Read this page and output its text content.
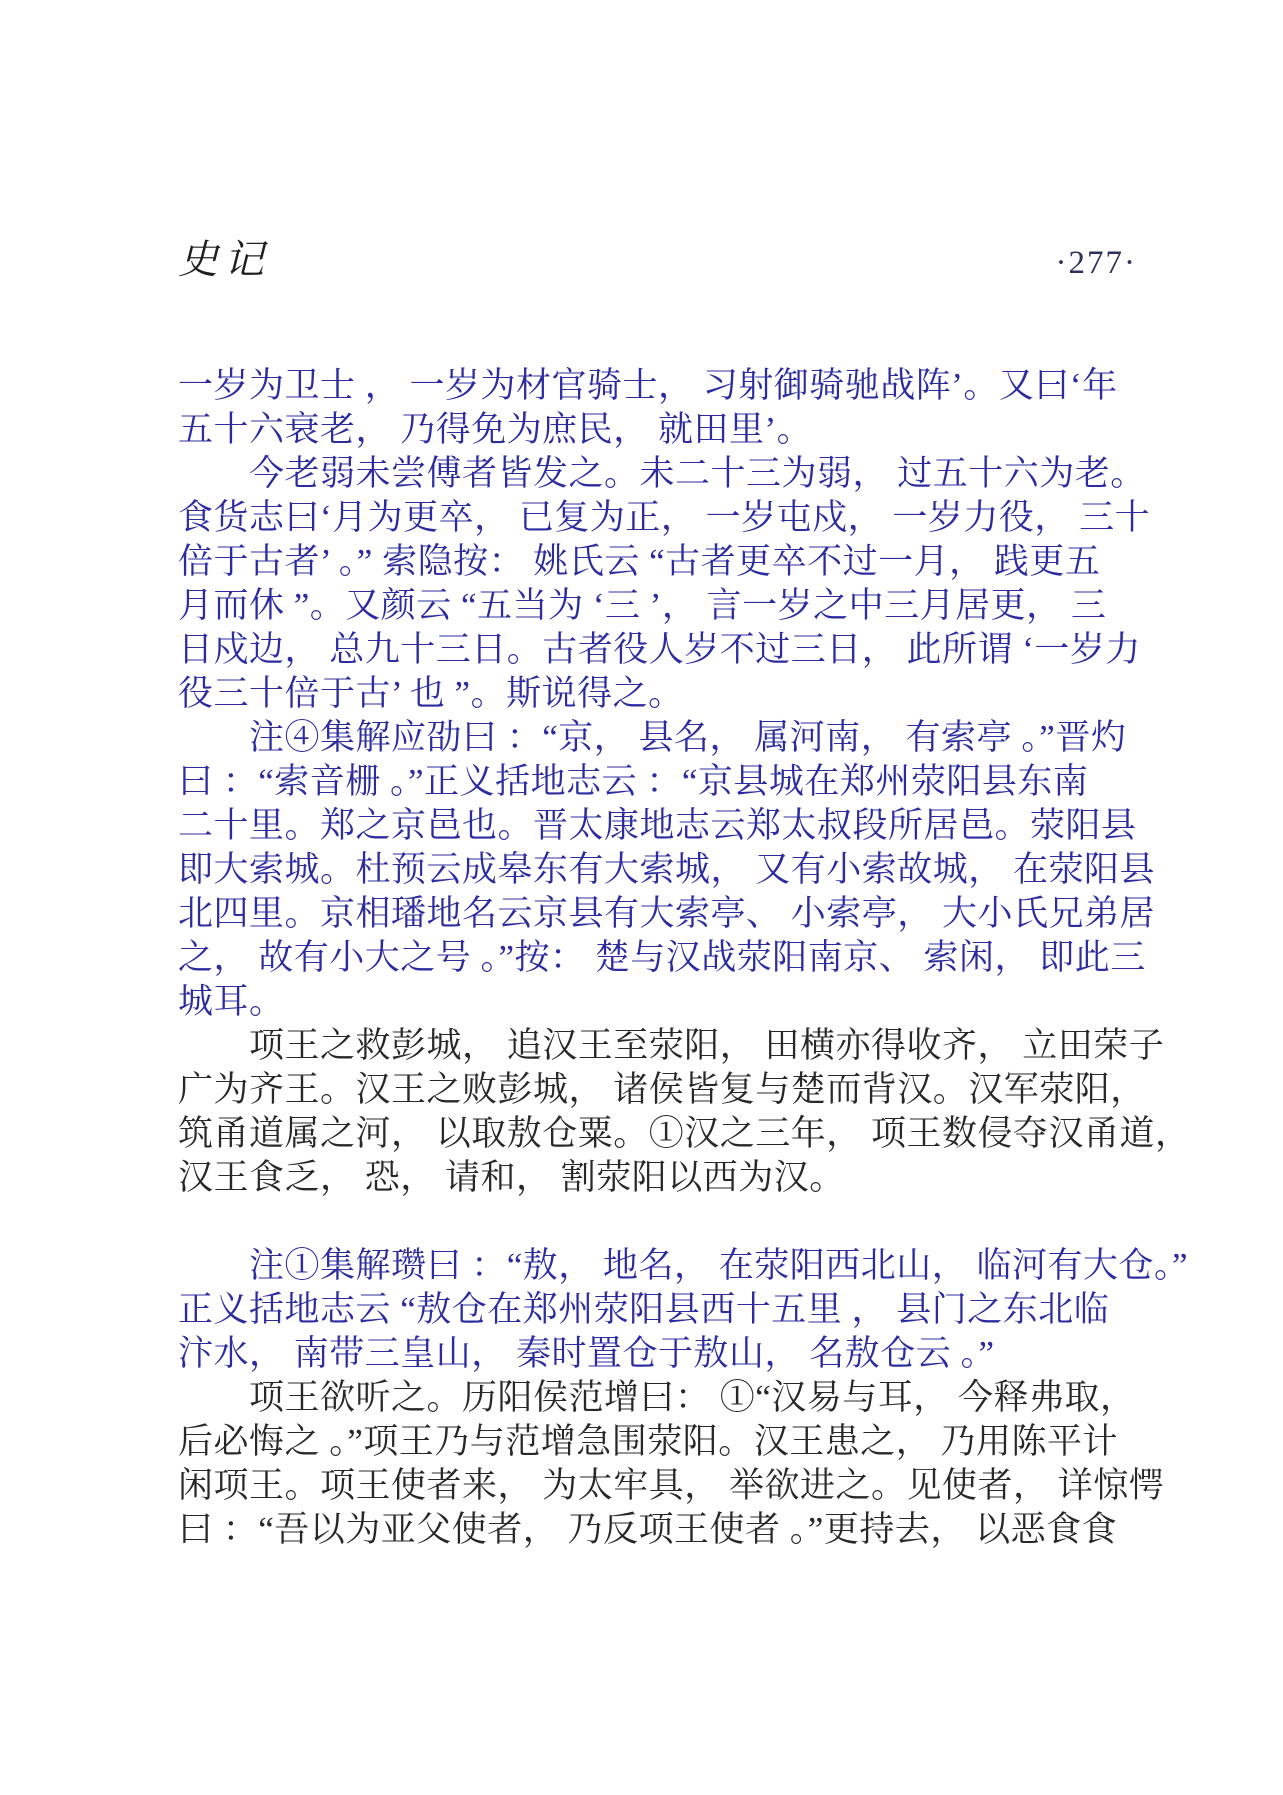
史记	·277·
一岁为卫士 ， 一岁为材官骑士， 习射御骑驰战阵’。又曰‘年
五十六衰老， 乃得免为庶民， 就田里’。
　　今老弱未尝傅者皆发之。未二十三为弱， 过五十六为老。
食货志曰‘月为更卒， 已复为正， 一岁屯戍， 一岁力役， 三十
倍于古者’ 。” 索隐按： 姚氏云 “古者更卒不过一月， 践更五
月而休 ”。又颜云 “五当为 ‘三 ’， 言一岁之中三月居更， 三
日戍边， 总九十三日。古者役人岁不过三日， 此所谓 ‘一岁力
役三十倍于古’ 也 ”。斯说得之。
　　注④集解应劭曰 ：“京， 县名， 属河南， 有索亭 。”晋灼
曰 ：“索音栅 。”正义括地志云 ：“京县城在郑州荥阳县东南
二十里。郑之京邑也。晋太康地志云郑太叔段所居邑。荥阳县
即大索城。杜预云成皋东有大索城， 又有小索故城， 在荥阳县
北四里。京相璠地名云京县有大索亭、 小索亭， 大小氏兄弟居
之， 故有小大之号 。”按： 楚与汉战荥阳南京、 索闲， 即此三
城耳。
　　项王之救彭城， 追汉王至荥阳， 田横亦得收齐， 立田荣子
广为齐王。汉王之败彭城， 诸侯皆复与楚而背汉。汉军荥阳，
筑甬道属之河， 以取敖仓粟。①汉之三年， 项王数侵夺汉甬道，
汉王食乏， 恐， 请和， 割荥阳以西为汉。
　　注①集解瓒曰 ：“敖， 地名， 在荥阳西北山， 临河有大仓。”
正义括地志云 “敖仓在郑州荥阳县西十五里 ， 县门之东北临
汴水， 南带三皇山， 秦时置仓于敖山， 名敖仓云 。”
　　项王欲听之。历阳侯范增曰： ①“汉易与耳， 今释弗取，
后必悔之 。”项王乃与范增急围荥阳。汉王患之， 乃用陈平计
闲项王。项王使者来， 为太牢具， 举欲进之。见使者， 详惊愕
曰 ：“吾以为亚父使者， 乃反项王使者 。”更持去， 以恶食食
